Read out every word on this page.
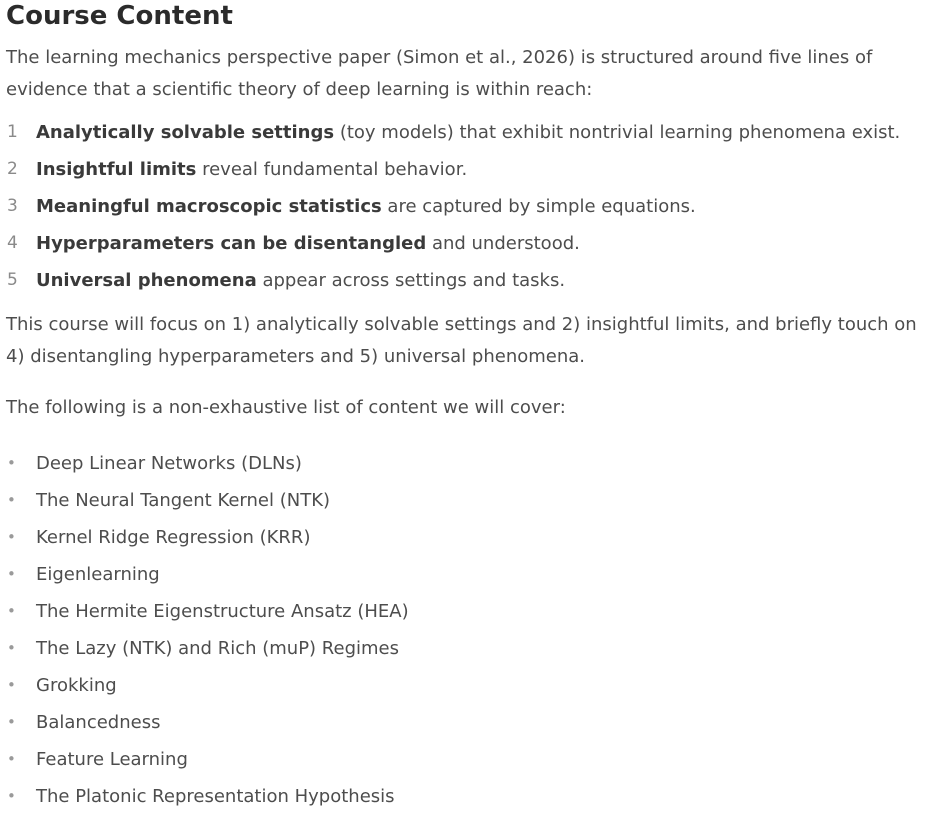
Course Content

The learning mechanics perspective paper (Simon et al., 2026) is structured around five lines of evidence that a scientific theory of deep learning is within reach:

1 Analytically solvable settings (toy models) that exhibit nontrivial learning phenomena exist.
2 Insightful limits reveal fundamental behavior.
3 Meaningful macroscopic statistics are captured by simple equations.
4 Hyperparameters can be disentangled and understood.
5 Universal phenomena appear across settings and tasks.

This course will focus on 1) analytically solvable settings and 2) insightful limits, and briefly touch on 4) disentangling hyperparameters and 5) universal phenomena.

The following is a non-exhaustive list of content we will cover:

• Deep Linear Networks (DLNs)
• The Neural Tangent Kernel (NTK)
• Kernel Ridge Regression (KRR)
• Eigenlearning
• The Hermite Eigenstructure Ansatz (HEA)
• The Lazy (NTK) and Rich (muP) Regimes
• Grokking
• Balancedness
• Feature Learning
• The Platonic Representation Hypothesis
